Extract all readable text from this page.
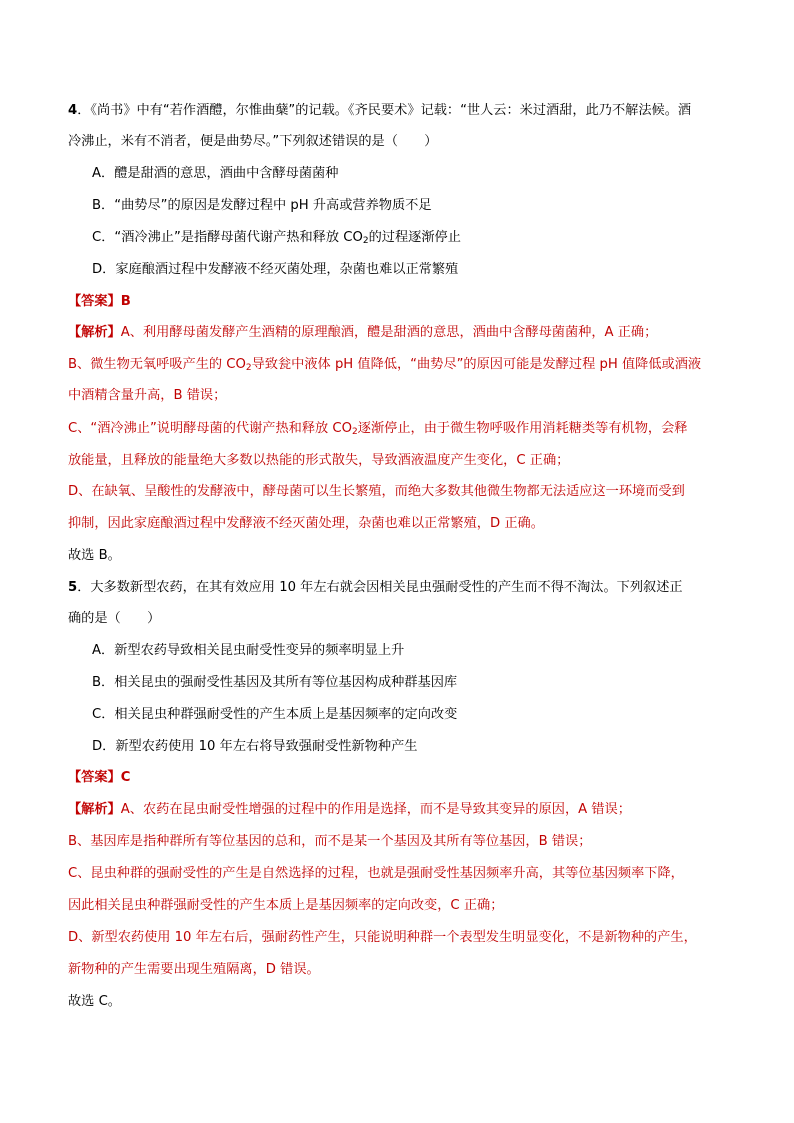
4．《尚书》中有“若作酒醴，尔惟曲蘖”的记载。《齐民要术》记载：“世人云：米过酒甜，此乃不解法候。酒

冷沸止，米有不消者，便是曲势尽。”下列叙述错误的是（　　）

A．醴是甜酒的意思，酒曲中含酵母菌菌种

B．“曲势尽”的原因是发酵过程中 pH 升高或营养物质不足

C．“酒冷沸止”是指酵母菌代谢产热和释放 $CO_2$的过程逐渐停止

D．家庭酿酒过程中发酵液不经灭菌处理，杂菌也难以正常繁殖

【答案】B

【解析】A、利用酵母菌发酵产生酒精的原理酿酒，醴是甜酒的意思，酒曲中含酵母菌菌种，A 正确；

B、微生物无氧呼吸产生的 $CO_2$导致瓮中液体 pH 值降低，“曲势尽”的原因可能是发酵过程 pH 值降低或酒液

中酒精含量升高，B 错误；

C、“酒冷沸止”说明酵母菌的代谢产热和释放 $CO_2$逐渐停止，由于微生物呼吸作用消耗糖类等有机物，会释

放能量，且释放的能量绝大多数以热能的形式散失，导致酒液温度产生变化，C 正确；

D、在缺氧、呈酸性的发酵液中，酵母菌可以生长繁殖，而绝大多数其他微生物都无法适应这一环境而受到

抑制，因此家庭酿酒过程中发酵液不经灭菌处理，杂菌也难以正常繁殖，D 正确。

故选 B。

5．大多数新型农药，在其有效应用 10 年左右就会因相关昆虫强耐受性的产生而不得不淘汰。下列叙述正

确的是（　　）

A．新型农药导致相关昆虫耐受性变异的频率明显上升

B．相关昆虫的强耐受性基因及其所有等位基因构成种群基因库

C．相关昆虫种群强耐受性的产生本质上是基因频率的定向改变

D．新型农药使用 10 年左右将导致强耐受性新物种产生

【答案】C

【解析】A、农药在昆虫耐受性增强的过程中的作用是选择，而不是导致其变异的原因，A 错误；

B、基因库是指种群所有等位基因的总和，而不是某一个基因及其所有等位基因，B 错误；

C、昆虫种群的强耐受性的产生是自然选择的过程，也就是强耐受性基因频率升高，其等位基因频率下降，

因此相关昆虫种群强耐受性的产生本质上是基因频率的定向改变，C 正确；

D、新型农药使用 10 年左右后，强耐药性产生，只能说明种群一个表型发生明显变化，不是新物种的产生，

新物种的产生需要出现生殖隔离，D 错误。

故选 C。
